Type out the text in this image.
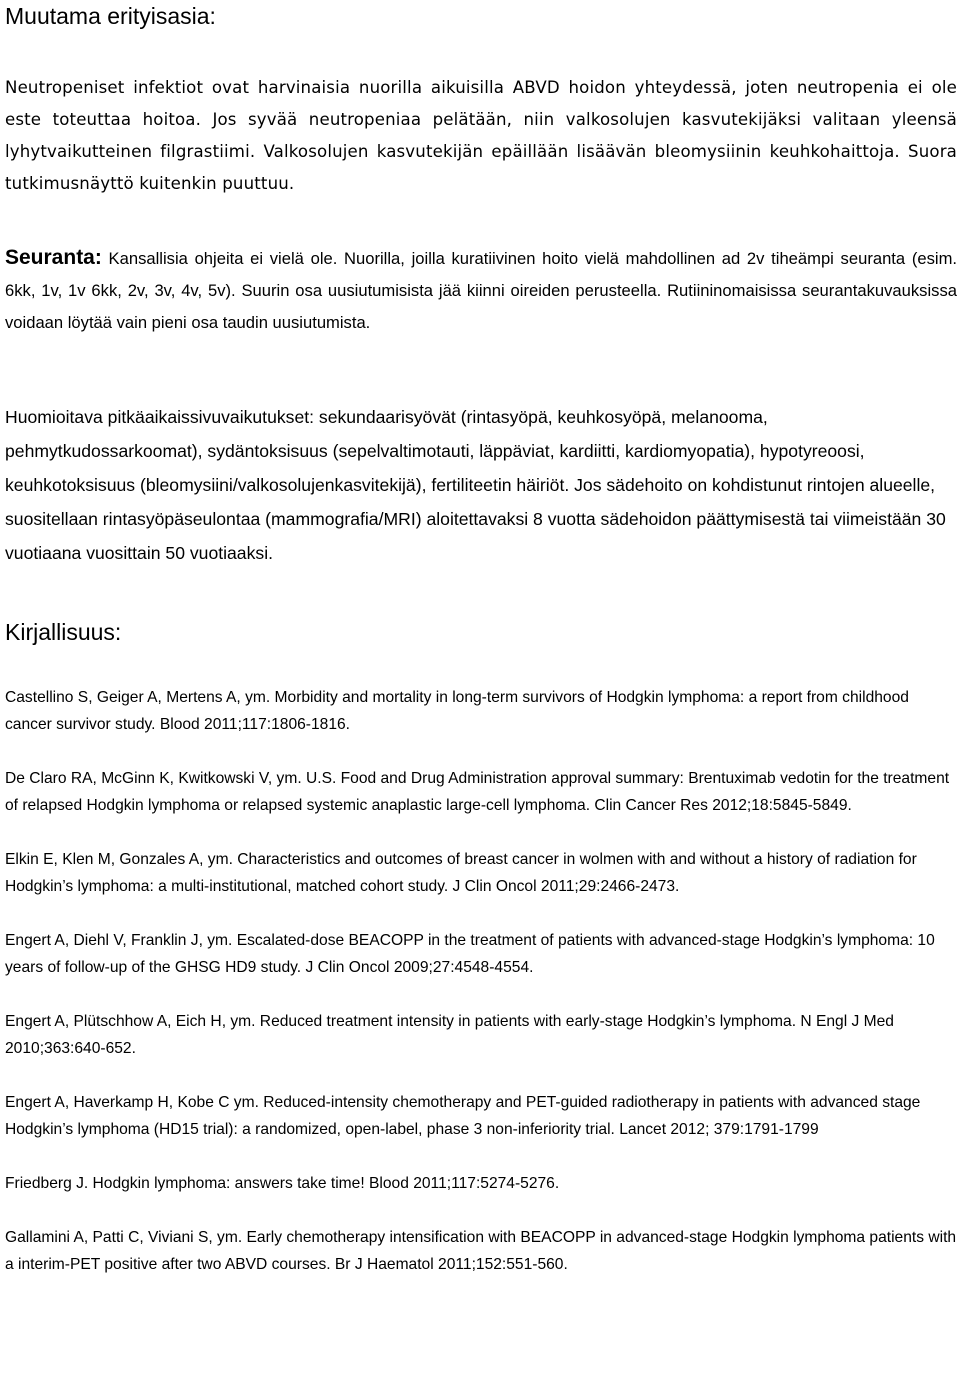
Muutama erityisasia:

Neutropeniset infektiot ovat harvinaisia nuorilla aikuisilla ABVD hoidon yhteydessä, joten neutropenia ei ole este toteuttaa hoitoa. Jos syvää neutropeniaa pelätään, niin valkosolujen kasvutekijäksi valitaan yleensä lyhytvaikutteinen filgrastiimi. Valkosolujen kasvutekijän epäillään lisäävän bleomysiinin keuhkohaittoja. Suora tutkimusnäyttö kuitenkin puuttuu.

Seuranta: Kansallisia ohjeita ei vielä ole. Nuorilla, joilla kuratiivinen hoito vielä mahdollinen ad 2v tiheämpi seuranta (esim. 6kk, 1v, 1v 6kk, 2v, 3v, 4v, 5v). Suurin osa uusiutumisista jää kiinni oireiden perusteella. Rutiininomaisissa seurantakuvauksissa voidaan löytää vain pieni osa taudin uusiutumista.

Huomioitava pitkäaikaissivuvaikutukset: sekundaarisyövät (rintasyöpä, keuhkosyöpä, melanooma, pehmytkudossarkoomat), sydäntoksisuus (sepelvaltimotauti, läppäviat, kardiitti, kardiomyopatia), hypotyreoosi, keuhkotoksisuus (bleomysiini/valkosolujenkasvitekijä), fertiliteetin häiriöt. Jos sädehoito on kohdistunut rintojen alueelle, suositellaan rintasyöpäseulontaa (mammografia/MRI) aloitettavaksi 8 vuotta sädehoidon päättymisestä tai viimeistään 30 vuotiaana vuosittain 50 vuotiaaksi.

Kirjallisuus:

Castellino S, Geiger A, Mertens A, ym. Morbidity and mortality in long-term survivors of Hodgkin lymphoma: a report from childhood cancer survivor study. Blood 2011;117:1806-1816.

De Claro RA, McGinn K, Kwitkowski V, ym. U.S. Food and Drug Administration approval summary: Brentuximab vedotin for the treatment of relapsed Hodgkin lymphoma or relapsed systemic anaplastic large-cell lymphoma. Clin Cancer Res 2012;18:5845-5849.

Elkin E, Klen M, Gonzales A, ym. Characteristics and outcomes of breast cancer in wolmen with and without a history of radiation for Hodgkin’s lymphoma: a multi-institutional, matched cohort study. J Clin Oncol 2011;29:2466-2473.

Engert A, Diehl V, Franklin J, ym. Escalated-dose BEACOPP in the treatment of patients with advanced-stage Hodgkin’s lymphoma: 10 years of follow-up of the GHSG HD9 study. J Clin Oncol 2009;27:4548-4554.

Engert A, Plütschhow A, Eich H, ym. Reduced treatment intensity in patients with early-stage Hodgkin’s lymphoma. N Engl J Med 2010;363:640-652.

Engert A, Haverkamp H, Kobe C ym. Reduced-intensity chemotherapy and PET-guided radiotherapy in patients with advanced stage Hodgkin’s lymphoma (HD15 trial): a randomized, open-label, phase 3 non-inferiority trial. Lancet 2012; 379:1791-1799

Friedberg J. Hodgkin lymphoma: answers take time! Blood 2011;117:5274-5276.

Gallamini A, Patti C, Viviani S, ym. Early chemotherapy intensification with BEACOPP in advanced-stage Hodgkin lymphoma patients with a interim-PET positive after two ABVD courses. Br J Haematol 2011;152:551-560.
